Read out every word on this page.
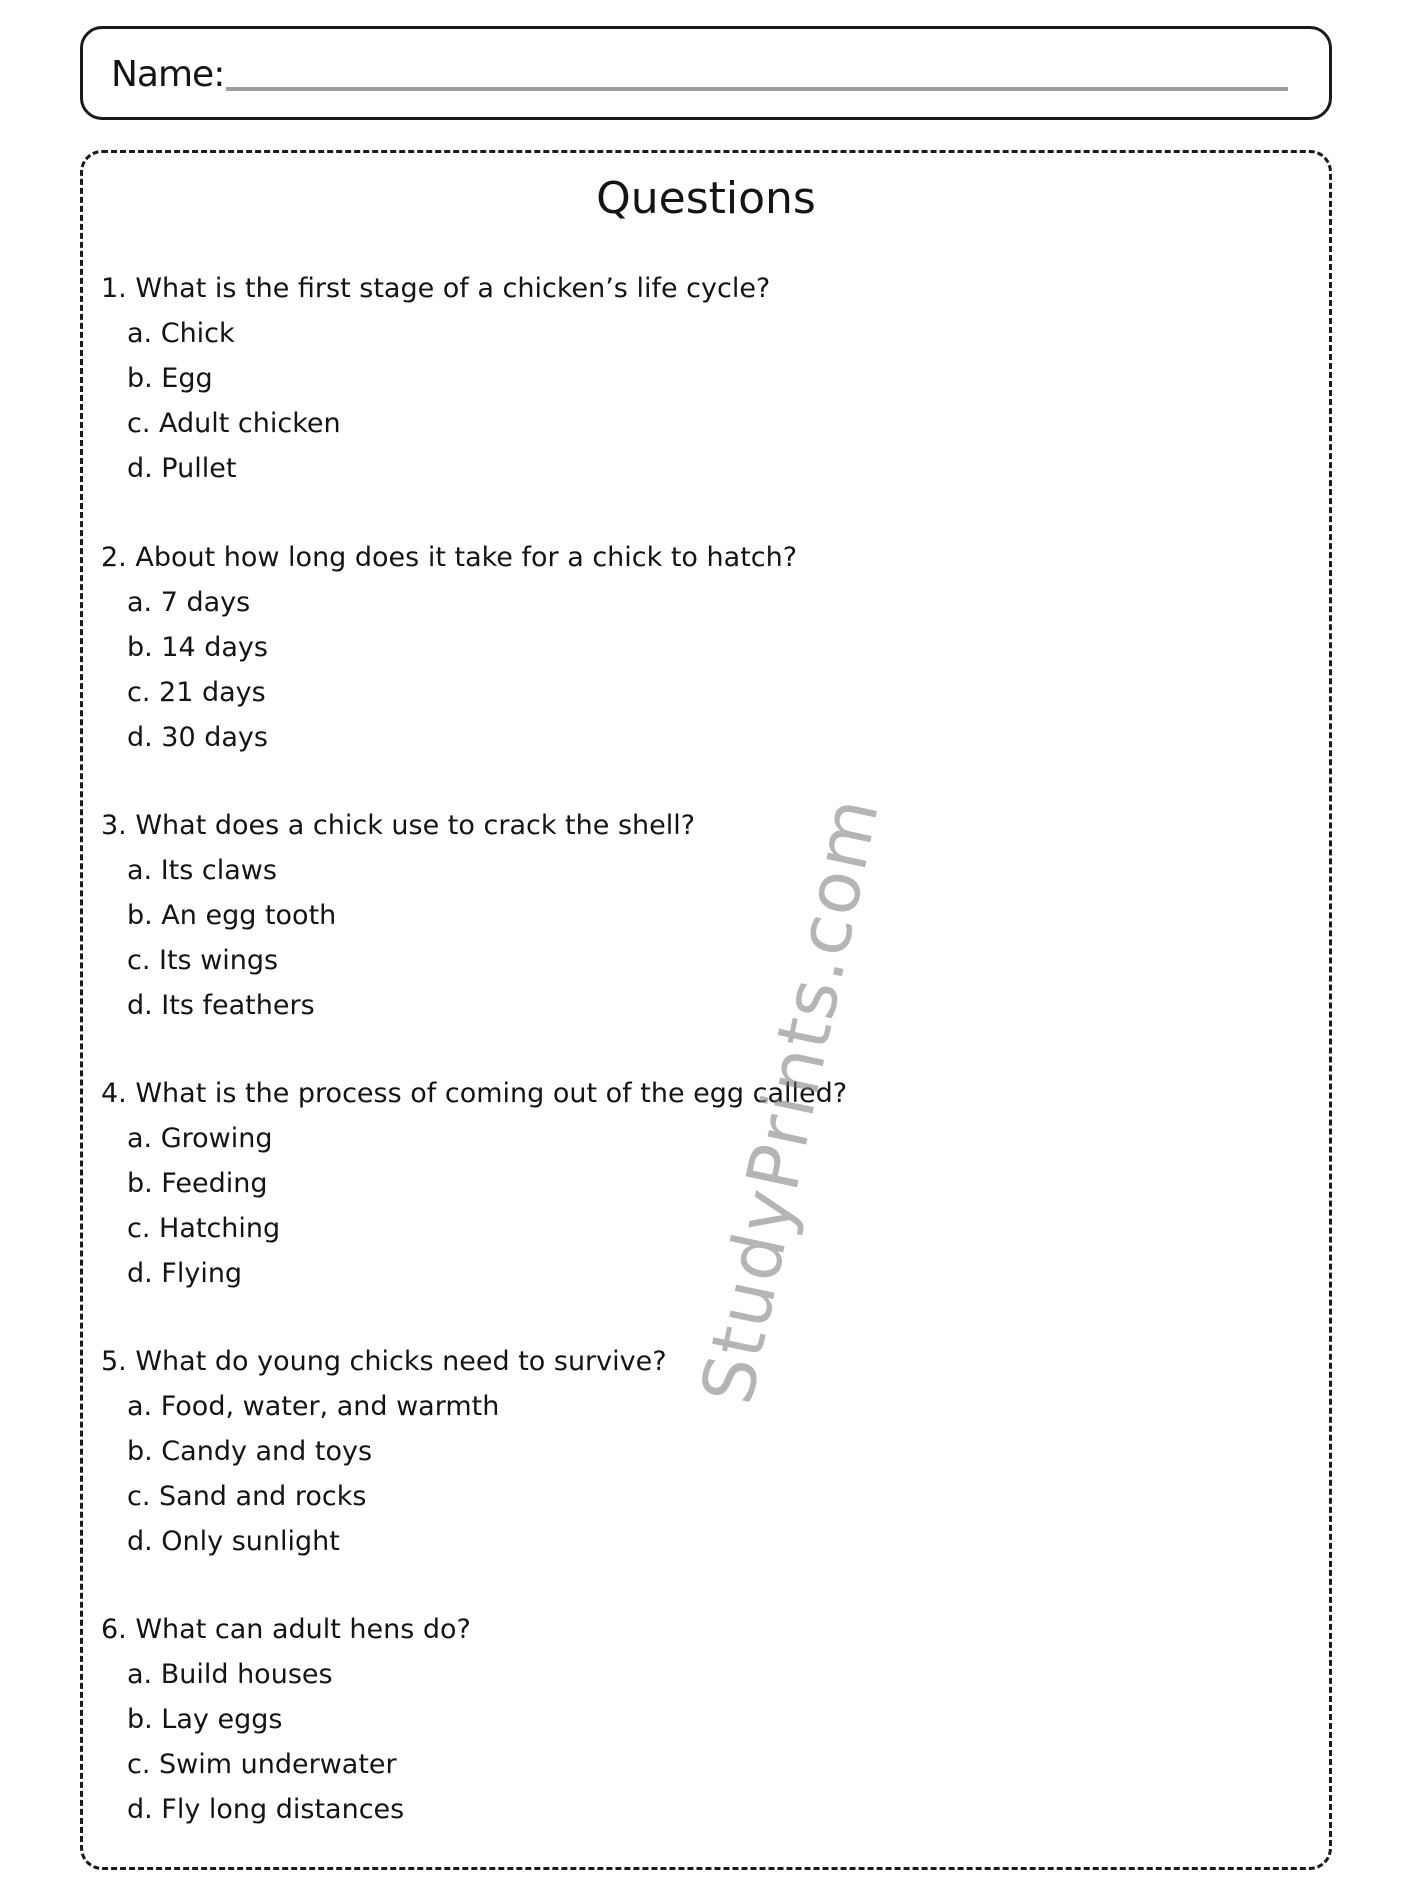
Name:
Questions
1. What is the first stage of a chicken’s life cycle?
a. Chick
b. Egg
c. Adult chicken
d. Pullet
2. About how long does it take for a chick to hatch?
a. 7 days
b. 14 days
c. 21 days
d. 30 days
3. What does a chick use to crack the shell?
a. Its claws
b. An egg tooth
c. Its wings
d. Its feathers
4. What is the process of coming out of the egg called?
a. Growing
b. Feeding
c. Hatching
d. Flying
5. What do young chicks need to survive?
a. Food, water, and warmth
b. Candy and toys
c. Sand and rocks
d. Only sunlight
6. What can adult hens do?
a. Build houses
b. Lay eggs
c. Swim underwater
d. Fly long distances
StudyPrints.com
